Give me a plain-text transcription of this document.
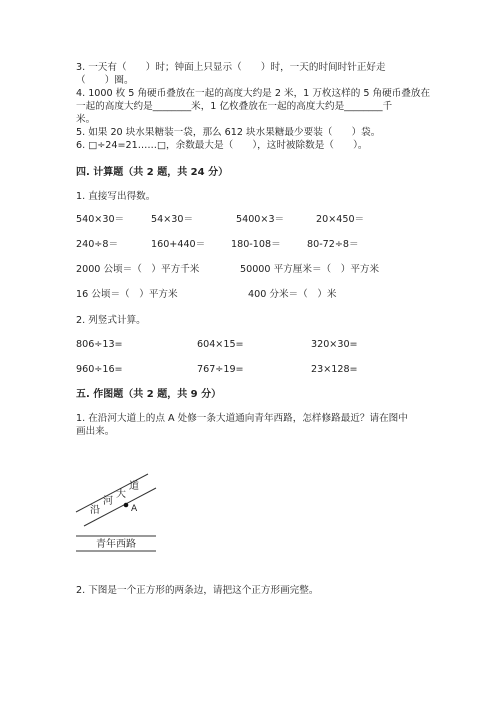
3. 一天有（　　）时；钟面上只显示（　　）时，一天的时间时针正好走
（　　）圈。
4. 1000 枚 5 角硬币叠放在一起的高度大约是 2 米，1 万枚这样的 5 角硬币叠放在
一起的高度大约是________米，1 亿枚叠放在一起的高度大约是________千
米。
5. 如果 20 块水果糖装一袋，那么 612 块水果糖最少要装（　　）袋。
6. □÷24=21……□，余数最大是（　　），这时被除数是（　　）。
四. 计算题（共 2 题，共 24 分）
1. 直接写出得数。
540×30＝	54×30＝	5400×3＝	20×450＝
240÷8＝	160+440＝	180-108＝	80-72÷8＝
2000 公顷＝（　）平方千米	50000 平方厘米＝（　）平方米
16 公顷＝（　）平方米	400 分米＝（　）米
2. 列竖式计算。
806÷13=	604×15=	320×30=
960÷16=	767÷19=	23×128=
五. 作图题（共 2 题，共 9 分）
1. 在沿河大道上的点 A 处修一条大道通向青年西路，怎样修路最近？请在图中
画出来。
沿
河
大
道
A
青年西路
2. 下图是一个正方形的两条边，请把这个正方形画完整。
